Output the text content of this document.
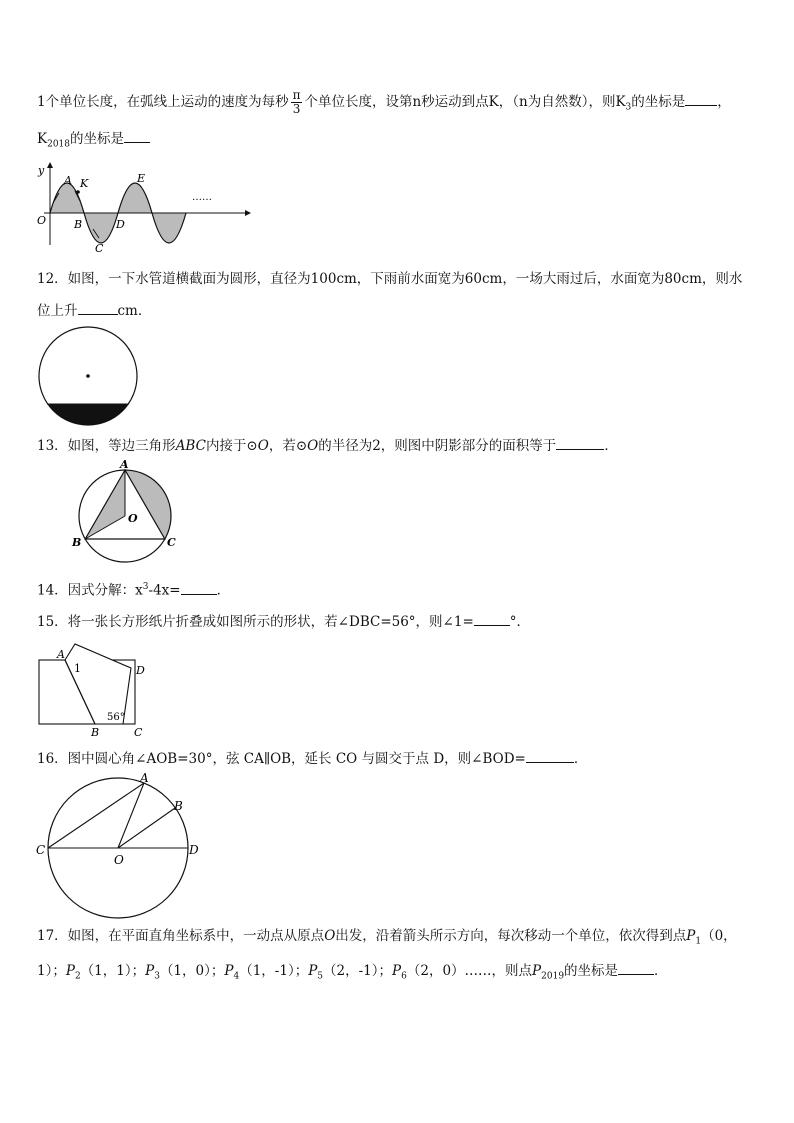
1个单位长度，在弧线上运动的速度为每秒 $\frac{\pi}{3}$ 个单位长度，设第n秒运动到点K，（n为自然数），则$K_3$的坐标是 ，
$K_{2018}$的坐标是
y
A K
O	B
C
D
E
……
12．如图，一下水管道横截面为圆形，直径为100cm，下雨前水面宽为60cm，一场大雨过后，水面宽为80cm，则水
位上升	cm．
13．如图，等边三角形ABC内接于⊙O，若⊙O的半径为2，则图中阴影部分的面积等于	．
A
O
B	C
14．因式分解：$x^3-4x=$	．
15．将一张长方形纸片折叠成如图所示的形状，若∠DBC=56°，则∠1=	°．
A
1	D
B	C
56°
16．图中圆心角∠AOB=30°，弦 CA∥OB，延长 CO 与圆交于点 D，则∠BOD=	．
A
B
C
O
D
17．如图，在平面直角坐标系中，一动点从原点O出发，沿着箭头所示方向，每次移动一个单位，依次得到点$P_1(0$，
1）；$P_2(1$，1）；$P_3(1$，0）；$P_4(1$，-1）；$P_5(2$，-1）；$P_6(2$，0）……，则点$P_{2019}$的坐标是	．
